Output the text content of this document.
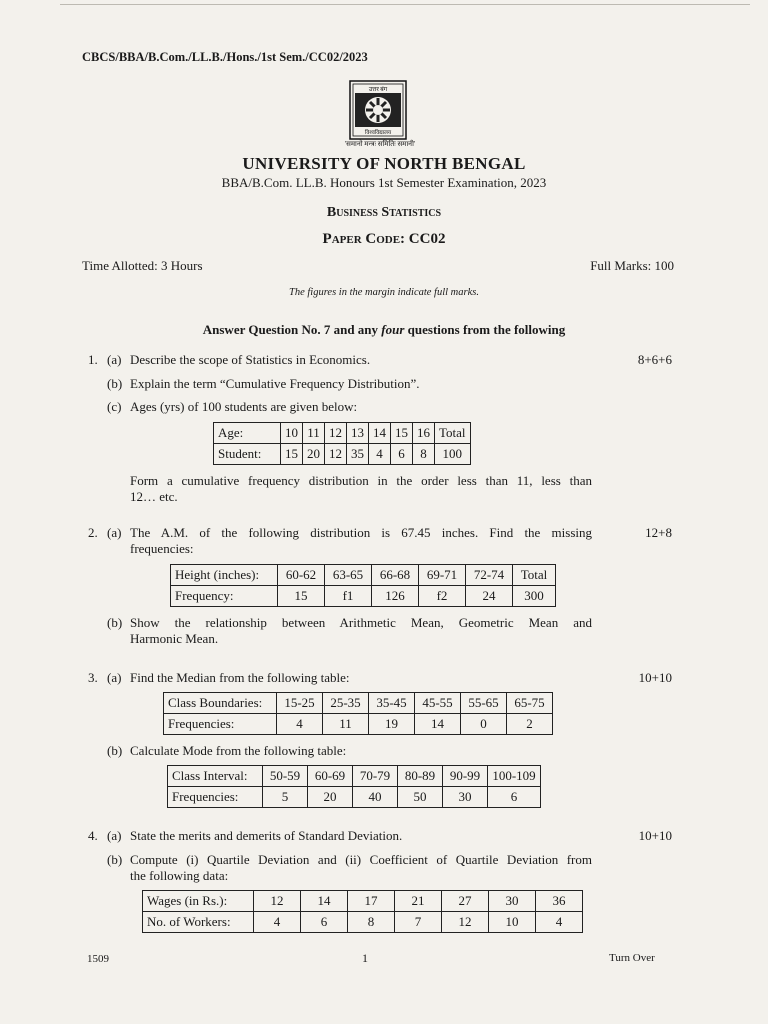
CBCS/BBA/B.Com./LL.B./Hons./1st Sem./CC02/2023
उत्तर बंग
विश्वविद्यालय
'समानो मन्त्रः समितिः समानी'
UNIVERSITY OF NORTH BENGAL
BBA/B.Com. LL.B. Honours 1st Semester Examination, 2023
Business Statistics
Paper Code: CC02
Time Allotted: 3 Hours	Full Marks: 100
The figures in the margin indicate full marks.
Answer Question No. 7 and any four questions from the following
1. (a) Describe the scope of Statistics in Economics.	8+6+6
(b) Explain the term “Cumulative Frequency Distribution”.
(c) Ages (yrs) of 100 students are given below:
Age:	10	11	12	13	14	15	16	Total
Student:	15	20	12	35	4	6	8	100
Form a cumulative frequency distribution in the order less than 11, less than
12… etc.
2. (a) The A.M. of the following distribution is 67.45 inches. Find the missing
frequencies:
12+8
Height (inches):	60-62	63-65	66-68	69-71	72-74	Total
Frequency:	15	f1	126	f2	24	300
(b) Show the relationship between Arithmetic Mean, Geometric Mean and
Harmonic Mean.
3. (a) Find the Median from the following table:	10+10
Class Boundaries:	15-25	25-35	35-45	45-55	55-65	65-75
Frequencies:	4	11	19	14	0	2
(b) Calculate Mode from the following table:
Class Interval:	50-59	60-69	70-79	80-89	90-99	100-109
Frequencies:	5	20	40	50	30	6
4. (a) State the merits and demerits of Standard Deviation.	10+10
(b) Compute (i) Quartile Deviation and (ii) Coefficient of Quartile Deviation from
the following data:
Wages (in Rs.):	12	14	17	21	27	30	36
No. of Workers:	4	6	8	7	12	10	4
1509	1	Turn Over
